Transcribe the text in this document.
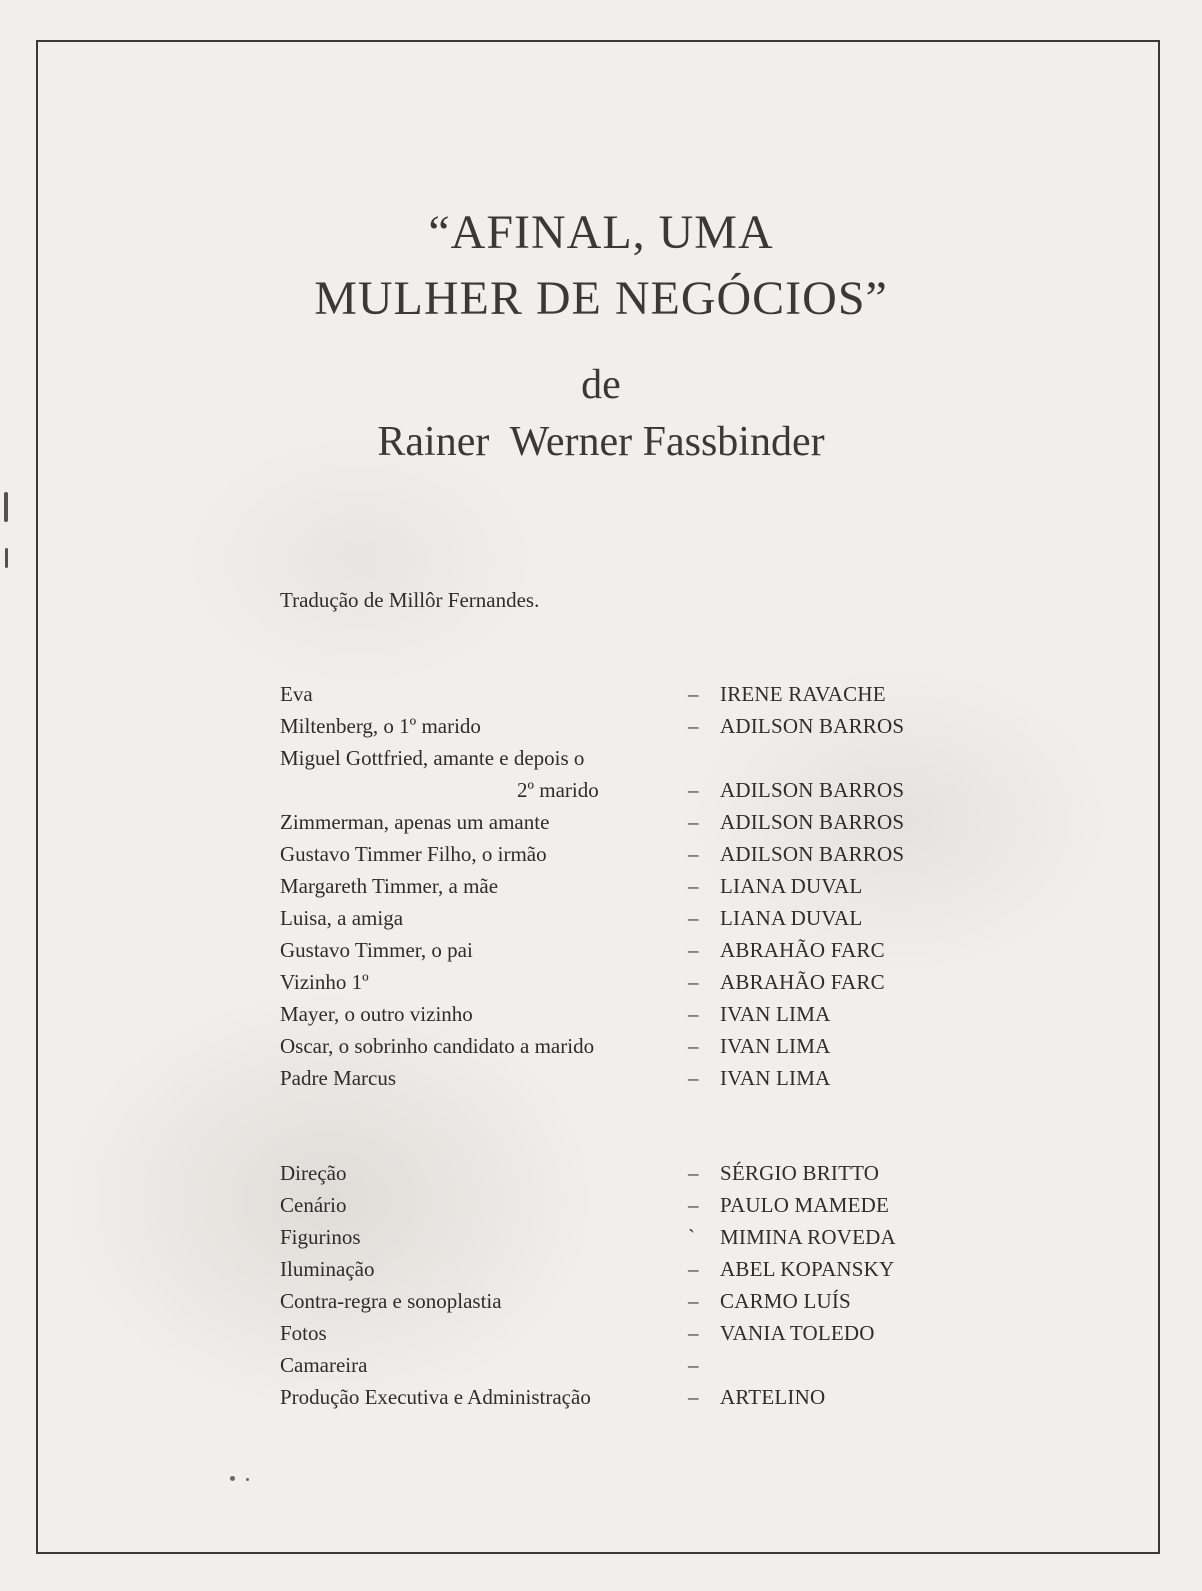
“AFINAL, UMA
MULHER DE NEGÓCIOS”
de
Rainer  Werner Fassbinder
Tradução de Millôr Fernandes.
Eva	– IRENE RAVACHE
Miltenberg, o 1º marido	– ADILSON BARROS
Miguel Gottfried, amante e depois o
2º marido	– ADILSON BARROS
Zimmerman, apenas um amante	– ADILSON BARROS
Gustavo Timmer Filho, o irmão	– ADILSON BARROS
Margareth Timmer, a mãe	– LIANA DUVAL
Luisa, a amiga	– LIANA DUVAL
Gustavo Timmer, o pai	– ABRAHÃO FARC
Vizinho 1º	– ABRAHÃO FARC
Mayer, o outro vizinho	– IVAN LIMA
Oscar, o sobrinho candidato a marido	– IVAN LIMA
Padre Marcus	– IVAN LIMA
Direção	– SÉRGIO BRITTO
Cenário	– PAULO MAMEDE
Figurinos	` MIMINA ROVEDA
Iluminação	– ABEL KOPANSKY
Contra-regra e sonoplastia	– CARMO LUÍS
Fotos	– VANIA TOLEDO
Camareira	–
Produção Executiva e Administração	– ARTELINO
